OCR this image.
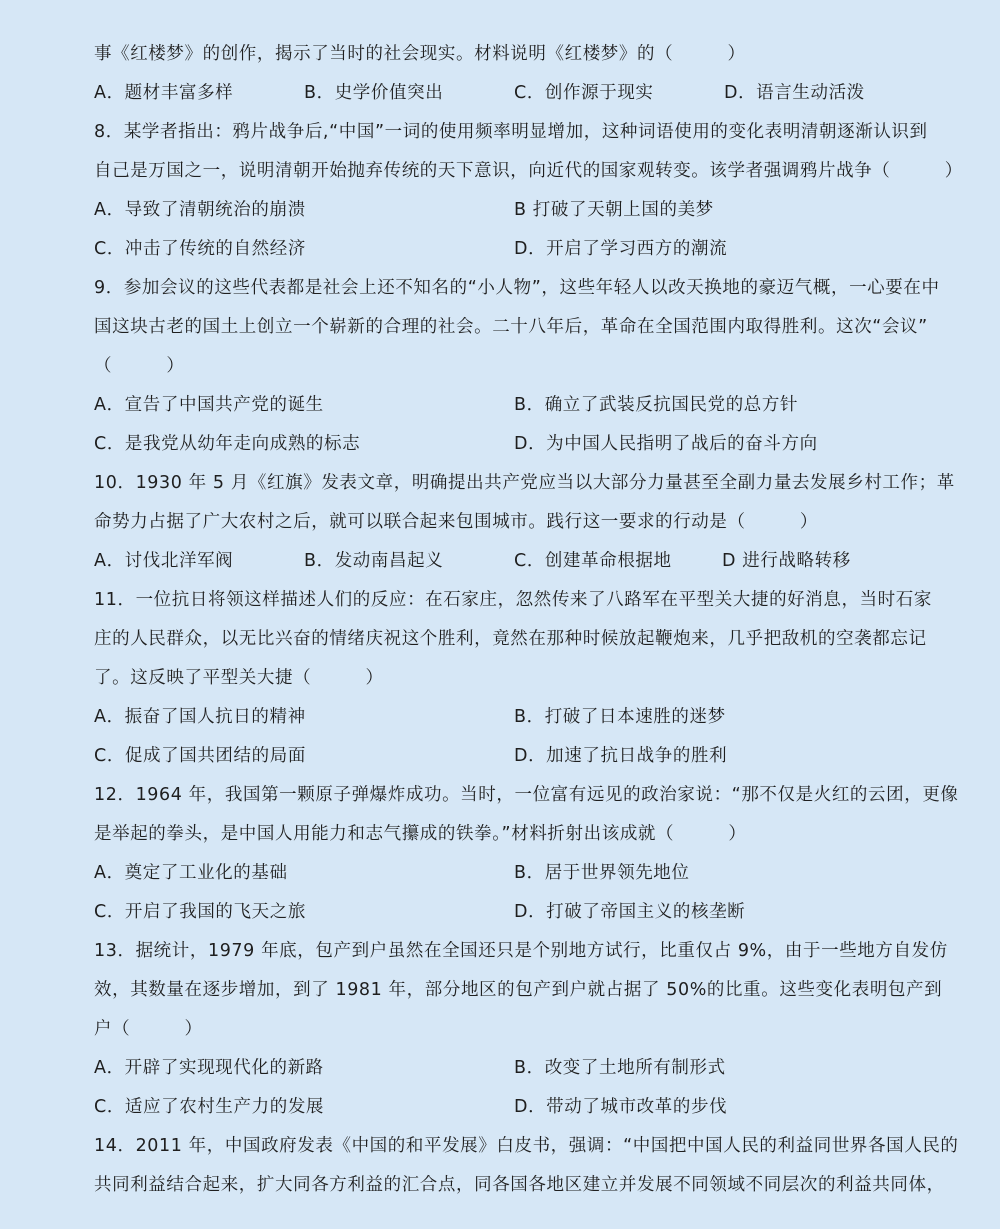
事《红楼梦》的创作，揭示了当时的社会现实。材料说明《红楼梦》的（　　　）
A．题材丰富多样	B．史学价值突出	C．创作源于现实	D．语言生动活泼
8．某学者指出：鸦片战争后,“中国”一词的使用频率明显增加，这种词语使用的变化表明清朝逐渐认识到
自己是万国之一，说明清朝开始抛弃传统的天下意识，向近代的国家观转变。该学者强调鸦片战争（　　　）
A．导致了清朝统治的崩溃	B 打破了天朝上国的美梦
C．冲击了传统的自然经济	D．开启了学习西方的潮流
9．参加会议的这些代表都是社会上还不知名的“小人物”，这些年轻人以改天换地的豪迈气概，一心要在中
国这块古老的国土上创立一个崭新的合理的社会。二十八年后，革命在全国范围内取得胜利。这次“会议”
（　　　）
A．宣告了中国共产党的诞生	B．确立了武装反抗国民党的总方针
C．是我党从幼年走向成熟的标志	D．为中国人民指明了战后的奋斗方向
10．1930 年 5 月《红旗》发表文章，明确提出共产党应当以大部分力量甚至全副力量去发展乡村工作；革
命势力占据了广大农村之后，就可以联合起来包围城市。践行这一要求的行动是（　　　）
A．讨伐北洋军阀	B．发动南昌起义	C．创建革命根据地	D 进行战略转移
11．一位抗日将领这样描述人们的反应：在石家庄，忽然传来了八路军在平型关大捷的好消息，当时石家
庄的人民群众，以无比兴奋的情绪庆祝这个胜利，竟然在那种时候放起鞭炮来，几乎把敌机的空袭都忘记
了。这反映了平型关大捷（　　　）
A．振奋了国人抗日的精神	B．打破了日本速胜的迷梦
C．促成了国共团结的局面	D．加速了抗日战争的胜利
12．1964 年，我国第一颗原子弹爆炸成功。当时，一位富有远见的政治家说：“那不仅是火红的云团，更像
是举起的拳头，是中国人用能力和志气攥成的铁拳。”材料折射出该成就（　　　）
A．奠定了工业化的基础	B．居于世界领先地位
C．开启了我国的飞天之旅	D．打破了帝国主义的核垄断
13．据统计，1979 年底，包产到户虽然在全国还只是个别地方试行，比重仅占 9%，由于一些地方自发仿
效，其数量在逐步增加，到了 1981 年，部分地区的包产到户就占据了 50%的比重。这些变化表明包产到
户（　　　）
A．开辟了实现现代化的新路	B．改变了土地所有制形式
C．适应了农村生产力的发展	D．带动了城市改革的步伐
14．2011 年，中国政府发表《中国的和平发展》白皮书，强调：“中国把中国人民的利益同世界各国人民的
共同利益结合起来，扩大同各方利益的汇合点，同各国各地区建立并发展不同领域不同层次的利益共同体，
